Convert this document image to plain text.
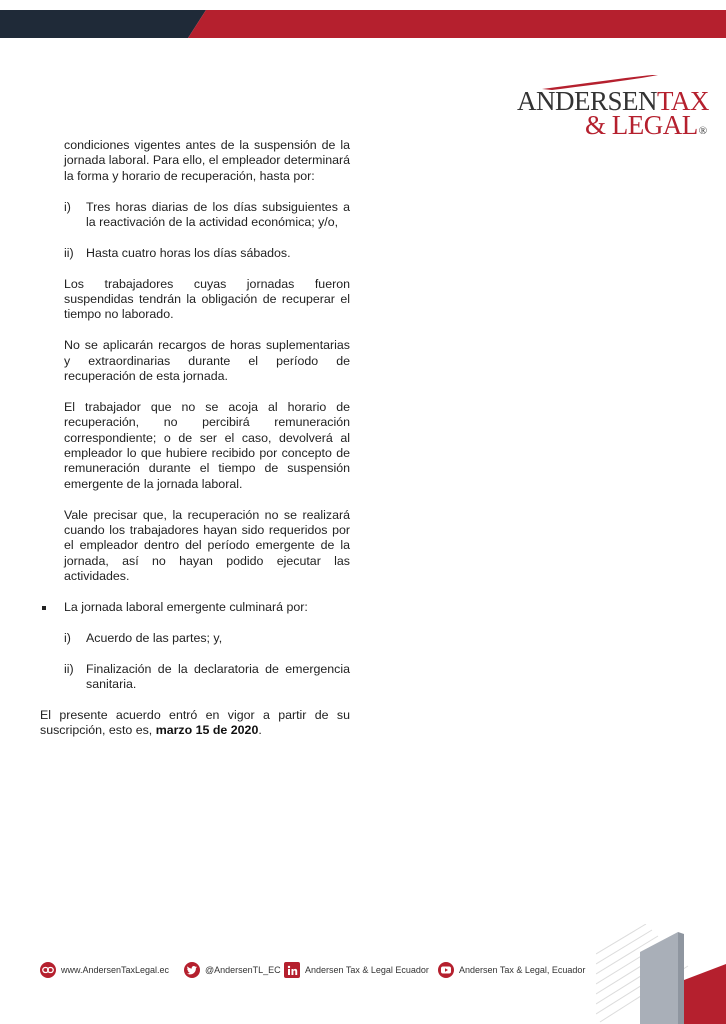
ANDERSENTAX
& LEGAL®

condiciones vigentes antes de la suspensión de la jornada laboral. Para ello, el empleador determinará la forma y horario de recuperación, hasta por:

i) Tres horas diarias de los días subsiguientes a la reactivación de la actividad económica; y/o,
ii) Hasta cuatro horas los días sábados.

Los trabajadores cuyas jornadas fueron suspendidas tendrán la obligación de recuperar el tiempo no laborado.

No se aplicarán recargos de horas suplementarias y extraordinarias durante el período de recuperación de esta jornada.

El trabajador que no se acoja al horario de recuperación, no percibirá remuneración correspondiente; o de ser el caso, devolverá al empleador lo que hubiere recibido por concepto de remuneración durante el tiempo de suspensión emergente de la jornada laboral.

Vale precisar que, la recuperación no se realizará cuando los trabajadores hayan sido requeridos por el empleador dentro del período emergente de la jornada, así no hayan podido ejecutar las actividades.

La jornada laboral emergente culminará por:
i) Acuerdo de las partes; y,
ii) Finalización de la declaratoria de emergencia sanitaria.

El presente acuerdo entró en vigor a partir de su suscripción, esto es, marzo 15 de 2020.

www.AndersenTaxLegal.ec	@AndersenTL_EC	Andersen Tax & Legal Ecuador	Andersen Tax & Legal, Ecuador
